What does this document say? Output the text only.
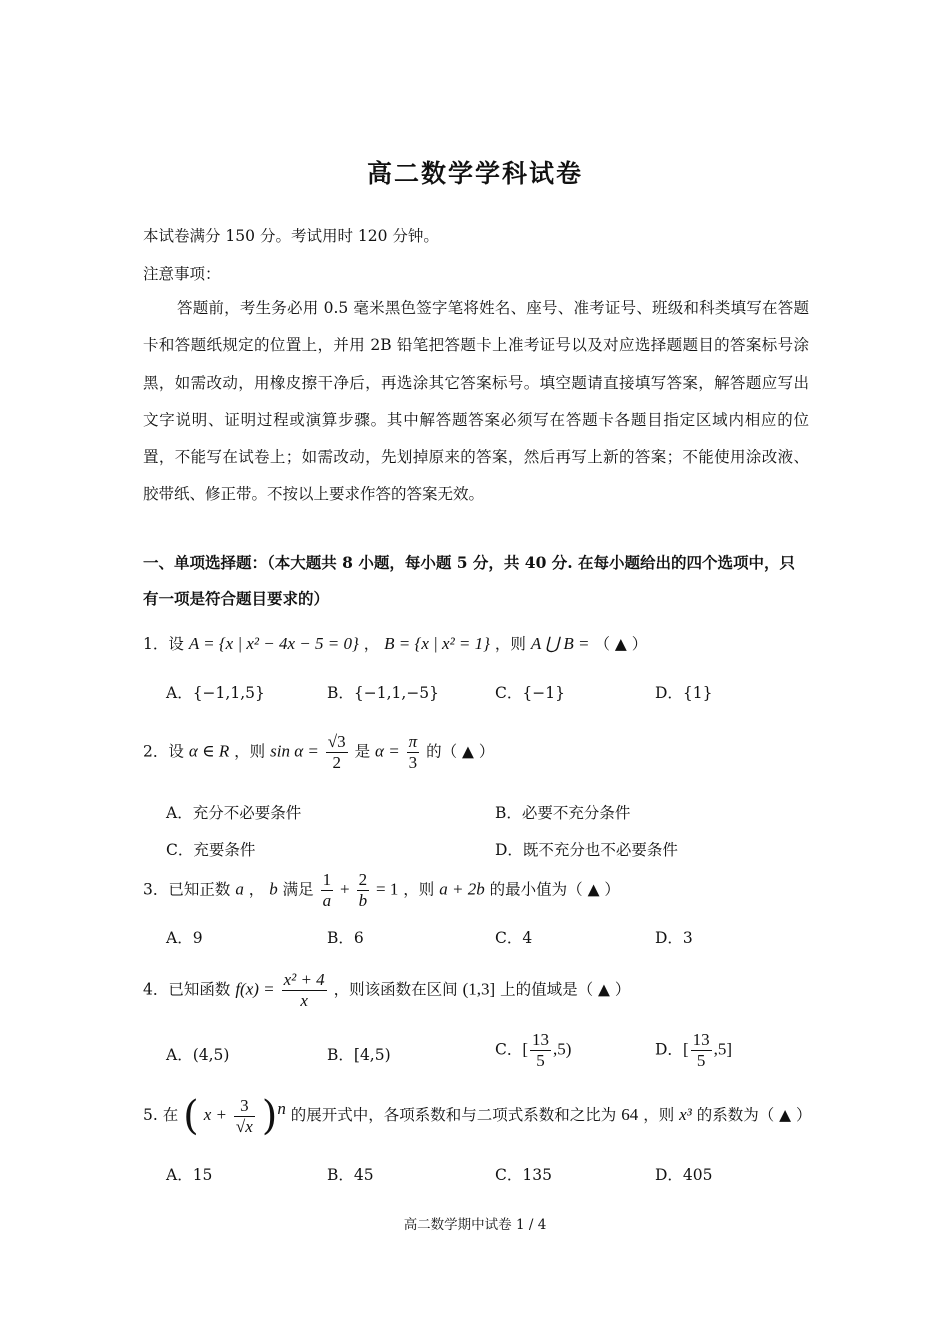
高二数学学科试卷
本试卷满分 150 分。考试用时 120 分钟。
注意事项：
答题前，考生务必用 0.5 毫米黑色签字笔将姓名、座号、准考证号、班级和科类填写在答题卡和答题纸规定的位置上，并用 2B 铅笔把答题卡上准考证号以及对应选择题题目的答案标号涂黑，如需改动，用橡皮擦干净后，再选涂其它答案标号。填空题请直接填写答案，解答题应写出文字说明、证明过程或演算步骤。其中解答题答案必须写在答题卡各题目指定区域内相应的位置，不能写在试卷上；如需改动，先划掉原来的答案，然后再写上新的答案；不能使用涂改液、胶带纸、修正带。不按以上要求作答的答案无效。
一、单项选择题：（本大题共 8 小题，每小题 5 分，共 40 分. 在每小题给出的四个选项中，只有一项是符合题目要求的）
1．设 A = {x | x² − 4x − 5 = 0} ， B = {x | x² = 1} ，则 A ⋃ B = （ ▲ ）
A．{−1,1,5}	B．{−1,1,−5}	C．{−1}	D．{1}
2．设 α ∈ R ，则 $\sin \alpha = \frac{√3}{2}$ 是 $\alpha = \frac{\pi}{3}$ 的（ ▲ ）
A．充分不必要条件	B．必要不充分条件
C．充要条件	D．既不充分也不必要条件
3．已知正数 a ， b 满足 $\frac{1}{a} + \frac{2}{b} = 1$ ，则 a + 2b 的最小值为（ ▲ ）
A．9	B．6	C．4	D．3
4．已知函数 $f(x) = \frac{\text{x² + 4}}{x}$ ，则该函数在区间 (1,3] 上的值域是（ ▲ ）
A．(4,5)	B．[4,5)	C．[ $\frac{13}{5} ,5$)	D．[ $\frac{13}{5} ,5$]
5. 在 ( $x + \frac{3}{√x} )^n$ 的展开式中，各项系数和与二项式系数和之比为 64 ，则 x³ 的系数为（ ▲ ）
A．15	B．45	C．135	D．405
高二数学期中试卷 1 / 4
